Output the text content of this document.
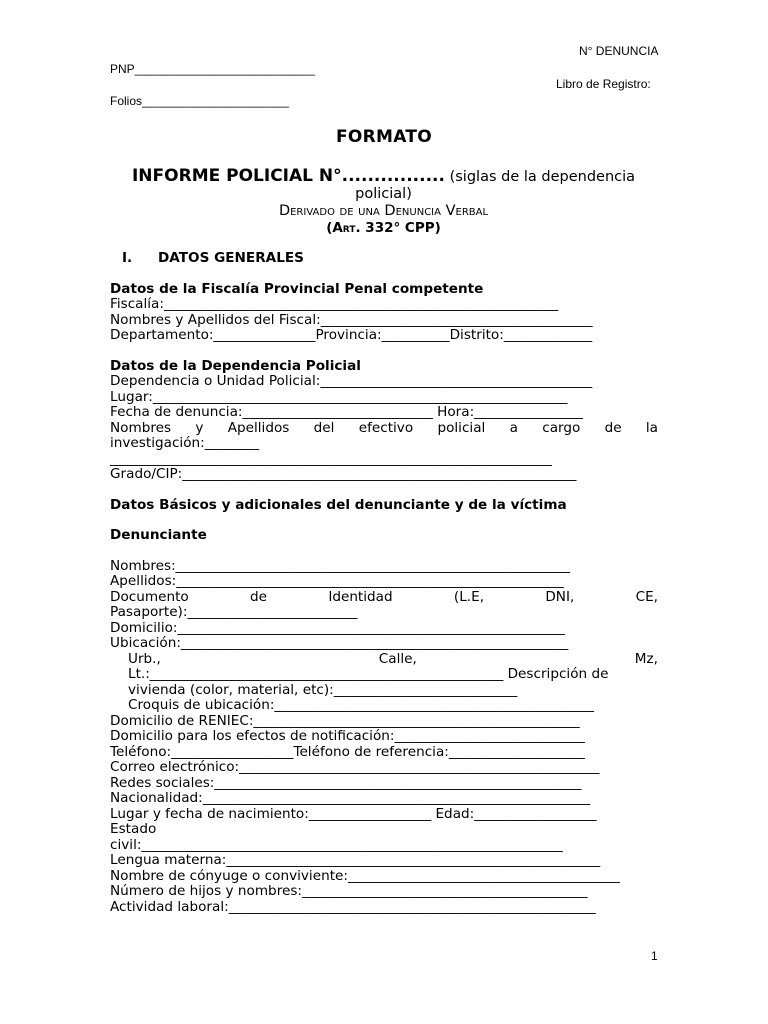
N° DENUNCIA
PNP___________________________
Libro de Registro:
Folios______________________
FORMATO
INFORME POLICIAL N°................ (siglas de la dependencia policial)
Derivado de una Denuncia Verbal
(Art. 332° CPP)
I.	DATOS GENERALES
Datos de la Fiscalía Provincial Penal competente
Fiscalía:__________________________________________________________
Nombres y Apellidos del Fiscal:________________________________________
Departamento:_______________Provincia:__________Distrito:_____________
Datos de la Dependencia Policial
Dependencia o Unidad Policial:________________________________________
Lugar:_____________________________________________________________
Fecha de denuncia:____________________________ Hora:________________
Nombres y Apellidos del efectivo policial a cargo de la
investigación:________
_________________________________________________________________
Grado/CIP:__________________________________________________________
Datos Básicos y adicionales del denunciante y de la víctima
Denunciante
Nombres:__________________________________________________________
Apellidos:_________________________________________________________
Documento de Identidad (L.E, DNI, CE,
Pasaporte):_________________________
Domicilio:_________________________________________________________
Ubicación:_________________________________________________________
Urb., Calle, Mz,
Lt.:____________________________________________________ Descripción de
vivienda (color, material, etc):___________________________
Croquis de ubicación:_______________________________________________
Domicilio de RENIEC:________________________________________________
Domicilio para los efectos de notificación:____________________________
Teléfono:__________________Teléfono de referencia:____________________
Correo electrónico:_____________________________________________________
Redes sociales:______________________________________________________
Nacionalidad:_________________________________________________________
Lugar y fecha de nacimiento:__________________ Edad:__________________
Estado
civil:______________________________________________________________
Lengua materna:_______________________________________________________
Nombre de cónyuge o conviviente:________________________________________
Número de hijos y nombres:__________________________________________
Actividad laboral:______________________________________________________
1
